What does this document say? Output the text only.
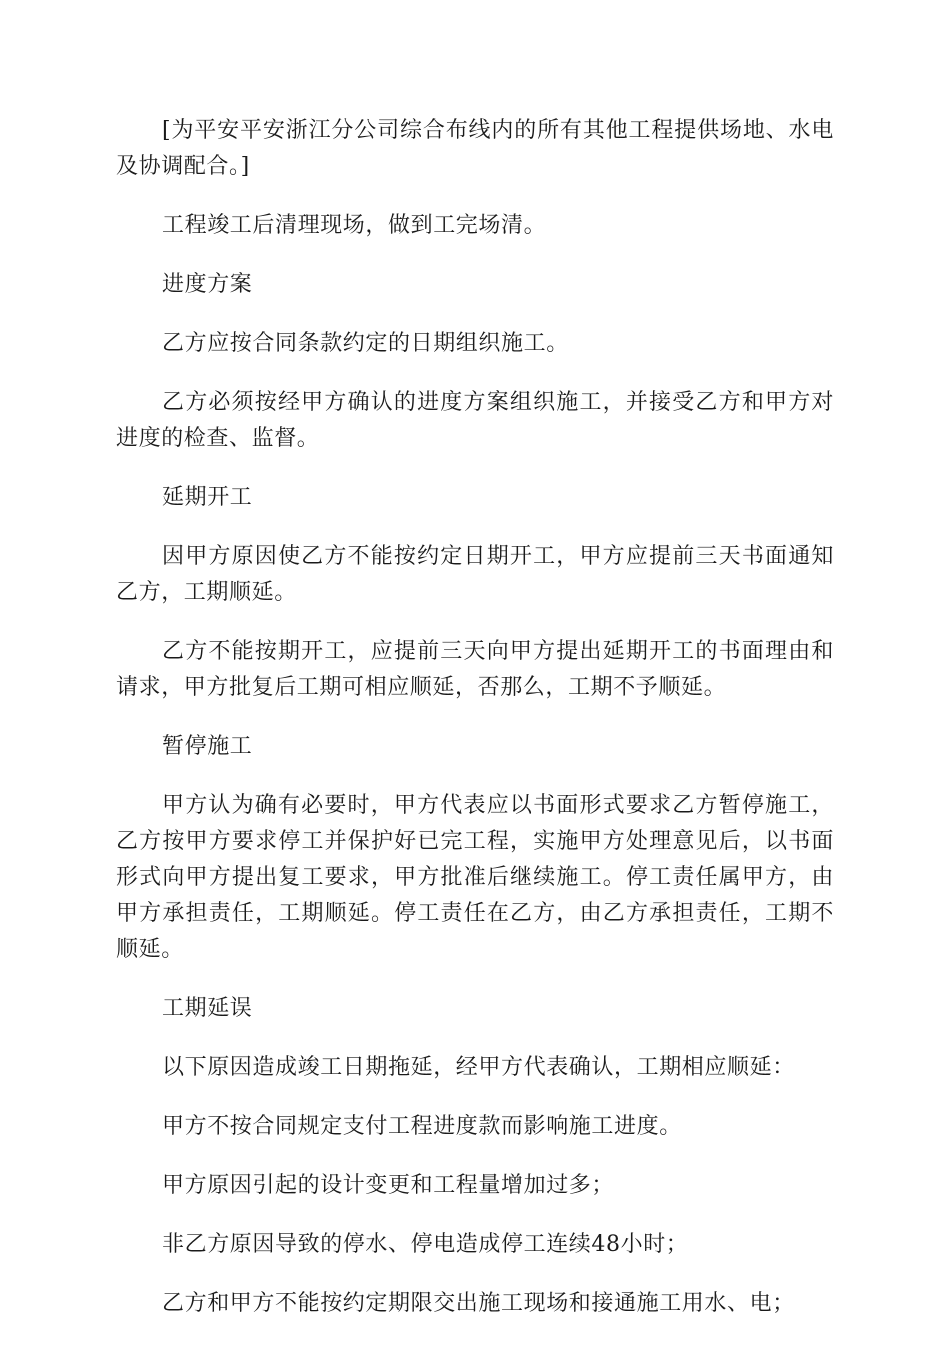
[为平安平安浙江分公司综合布线内的所有其他工程提供场地、水电及协调配合。]

工程竣工后清理现场，做到工完场清。

进度方案

乙方应按合同条款约定的日期组织施工。

乙方必须按经甲方确认的进度方案组织施工，并接受乙方和甲方对进度的检查、监督。

延期开工

因甲方原因使乙方不能按约定日期开工，甲方应提前三天书面通知乙方，工期顺延。

乙方不能按期开工，应提前三天向甲方提出延期开工的书面理由和请求，甲方批复后工期可相应顺延，否那么，工期不予顺延。

暂停施工

甲方认为确有必要时，甲方代表应以书面形式要求乙方暂停施工，乙方按甲方要求停工并保护好已完工程，实施甲方处理意见后，以书面形式向甲方提出复工要求，甲方批准后继续施工。停工责任属甲方，由甲方承担责任，工期顺延。停工责任在乙方，由乙方承担责任，工期不顺延。

工期延误

以下原因造成竣工日期拖延，经甲方代表确认，工期相应顺延：

甲方不按合同规定支付工程进度款而影响施工进度。

甲方原因引起的设计变更和工程量增加过多；

非乙方原因导致的停水、停电造成停工连续48小时；

乙方和甲方不能按约定期限交出施工现场和接通施工用水、电；
